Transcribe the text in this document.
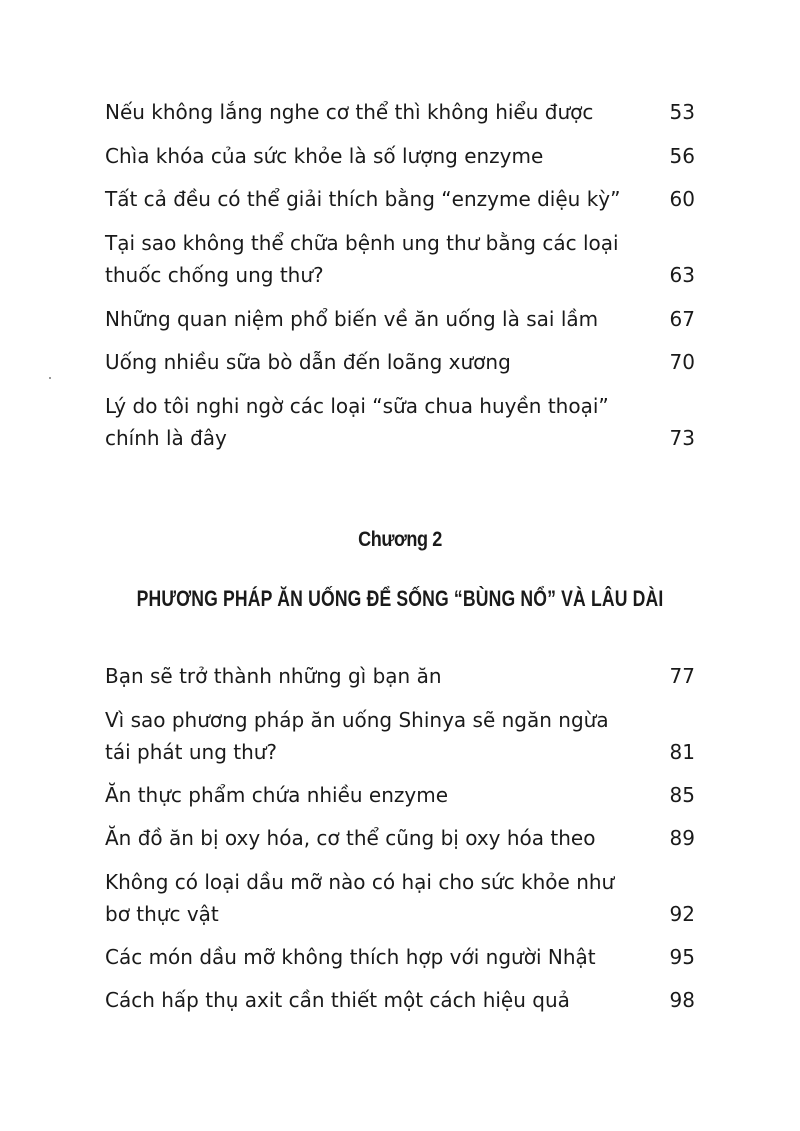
Nếu không lắng nghe cơ thể thì không hiểu được	53
Chìa khóa của sức khỏe là số lượng enzyme	56
Tất cả đều có thể giải thích bằng “enzyme diệu kỳ”	60
Tại sao không thể chữa bệnh ung thư bằng các loại thuốc chống ung thư?	63
Những quan niệm phổ biến về ăn uống là sai lầm	67
Uống nhiều sữa bò dẫn đến loãng xương	70
Lý do tôi nghi ngờ các loại “sữa chua huyền thoại” chính là đây	73
Chương 2
PHƯƠNG PHÁP ĂN UỐNG ĐỂ SỐNG “BÙNG NỔ” VÀ LÂU DÀI
Bạn sẽ trở thành những gì bạn ăn	77
Vì sao phương pháp ăn uống Shinya sẽ ngăn ngừa tái phát ung thư?	81
Ăn thực phẩm chứa nhiều enzyme	85
Ăn đồ ăn bị oxy hóa, cơ thể cũng bị oxy hóa theo	89
Không có loại dầu mỡ nào có hại cho sức khỏe như bơ thực vật	92
Các món dầu mỡ không thích hợp với người Nhật	95
Cách hấp thụ axit cần thiết một cách hiệu quả	98
